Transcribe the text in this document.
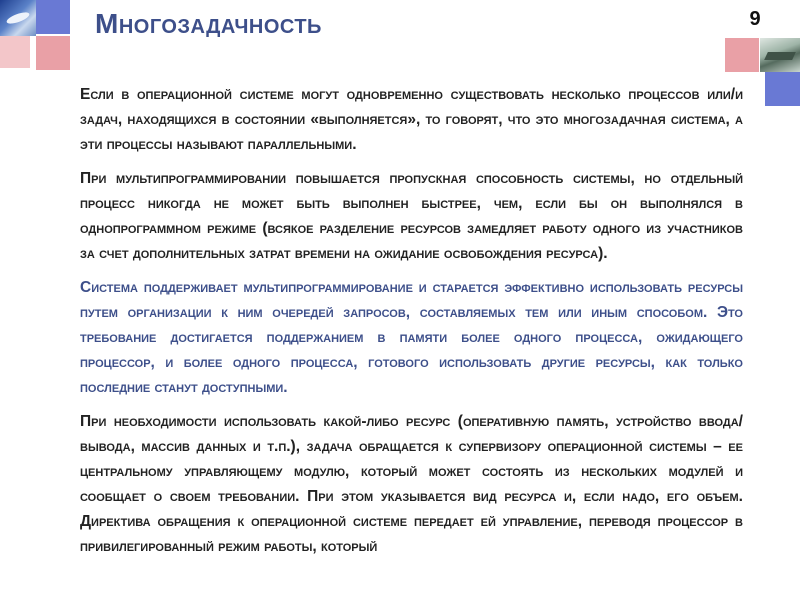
Многозадачность	9

Если в операционной системе могут одновременно существовать несколько процессов или/и задач, находящихся в состоянии «выполняется», то говорят, что это многозадачная система, а эти процессы называют параллельными.

При мультипрограммировании повышается пропускная способность системы, но отдельный процесс никогда не может быть выполнен быстрее, чем, если бы он выполнялся в однопрограммном режиме (всякое разделение ресурсов замедляет работу одного из участников за счет дополнительных затрат времени на ожидание освобождения ресурса).

Система поддерживает мультипрограммирование и старается эффективно использовать ресурсы путем организации к ним очередей запросов, составляемых тем или иным способом. Это требование достигается поддержанием в памяти более одного процесса, ожидающего процессор, и более одного процесса, готового использовать другие ресурсы, как только последние станут доступными.

При необходимости использовать какой-либо ресурс (оперативную память, устройство ввода/вывода, массив данных и т.п.), задача обращается к супервизору операционной системы – ее центральному управляющему модулю, который может состоять из нескольких модулей и сообщает о своем требовании. При этом указывается вид ресурса и, если надо, его объем. Директива обращения к операционной системе передает ей управление, переводя процессор в привилегированный режим работы, который
